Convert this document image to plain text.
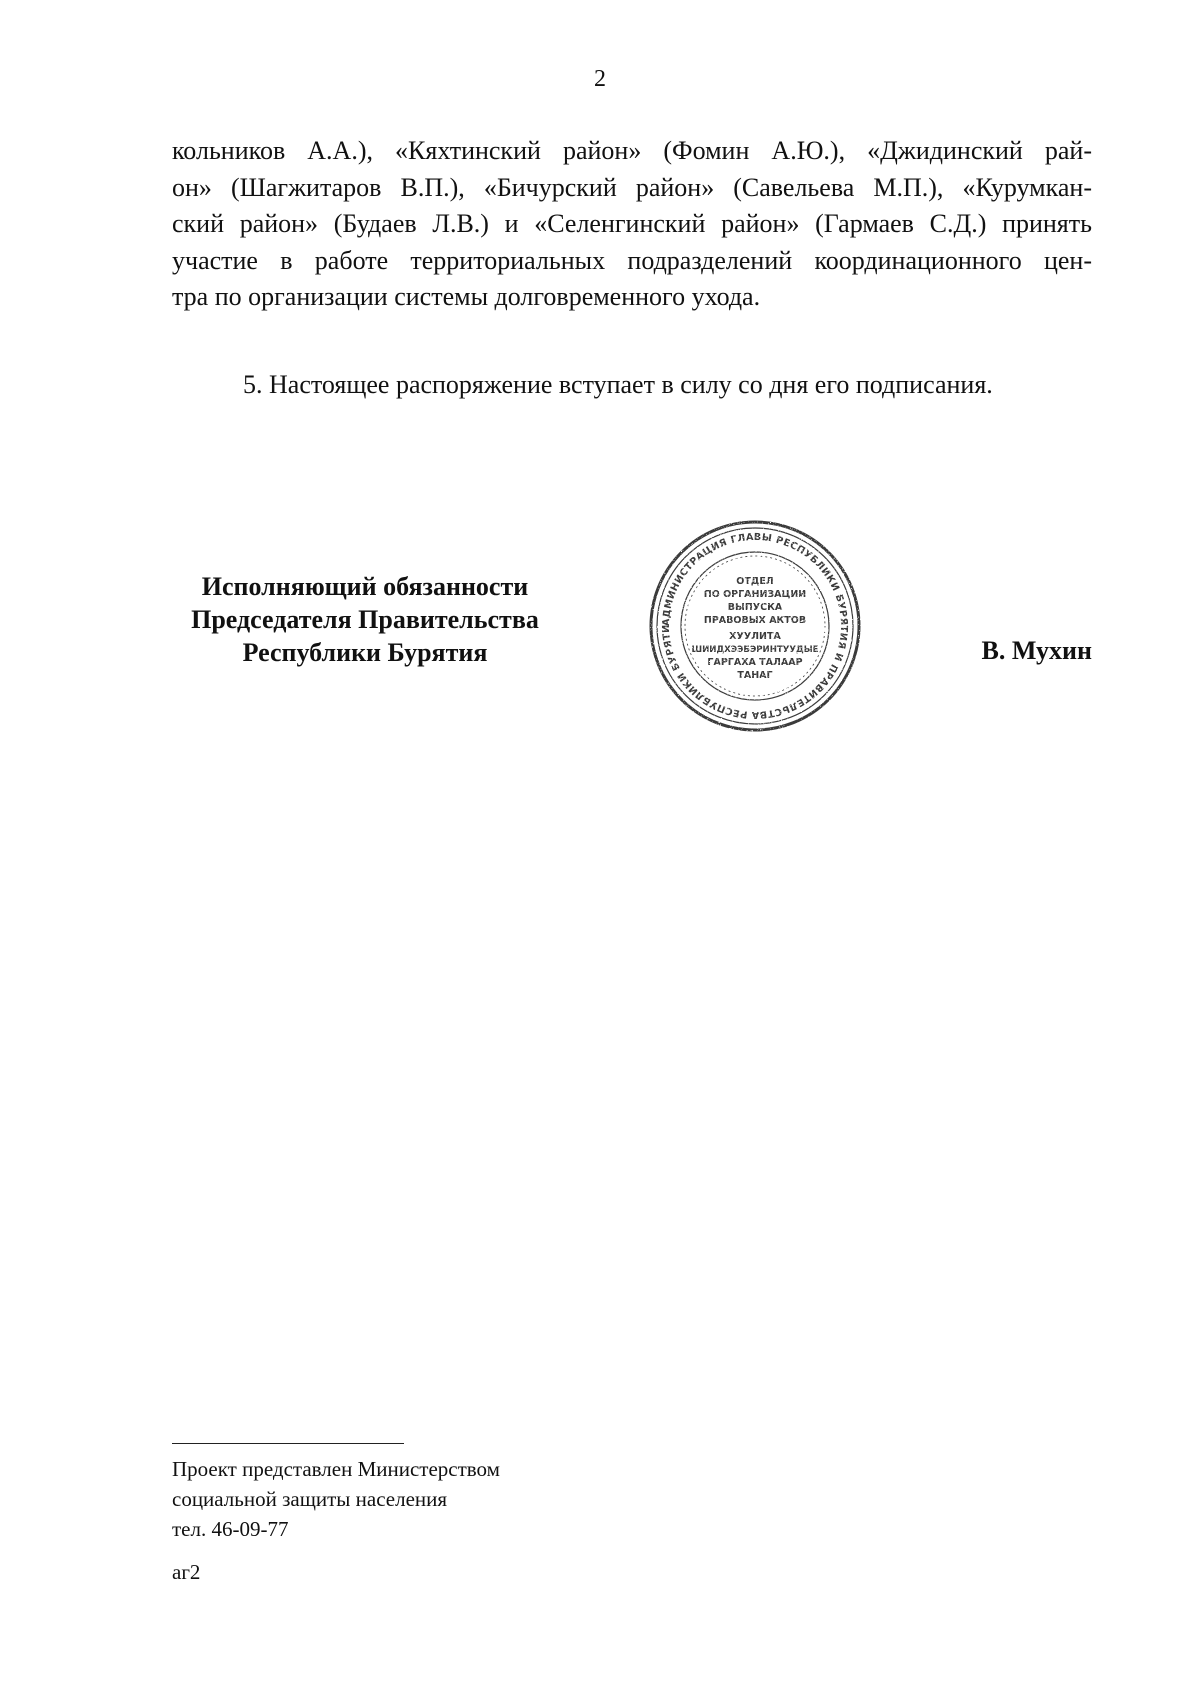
2
кольников А.А.), «Кяхтинский район» (Фомин А.Ю.), «Джидинский рай-
он» (Шагжитаров В.П.), «Бичурский район» (Савельева М.П.), «Курумкан-
ский район» (Будаев Л.В.) и «Селенгинский район» (Гармаев С.Д.) принять
участие в работе территориальных подразделений координационного цен-
тра по организации системы долговременного ухода.
5. Настоящее распоряжение вступает в силу со дня его подписания.
Исполняющий обязанности
Председателя Правительства
Республики Бурятия
АДМИНИСТРАЦИЯ ГЛАВЫ РЕСПУБЛИКИ БУРЯТИЯ И ПРАВИТЕЛЬСТВА РЕСПУБЛИКИ БУРЯТИ
ОТДЕЛ
ПО ОРГАНИЗАЦИИ
ВЫПУСКА
ПРАВОВЫХ АКТОВ
ХУУЛИТА
ШИИДХЭЭБЭРИНТУУДЫЕ
ГАРГАХА ТАЛААР
ТАНАГ
В. Мухин
Проект представлен Министерством
социальной защиты населения
тел. 46-09-77
аг2
